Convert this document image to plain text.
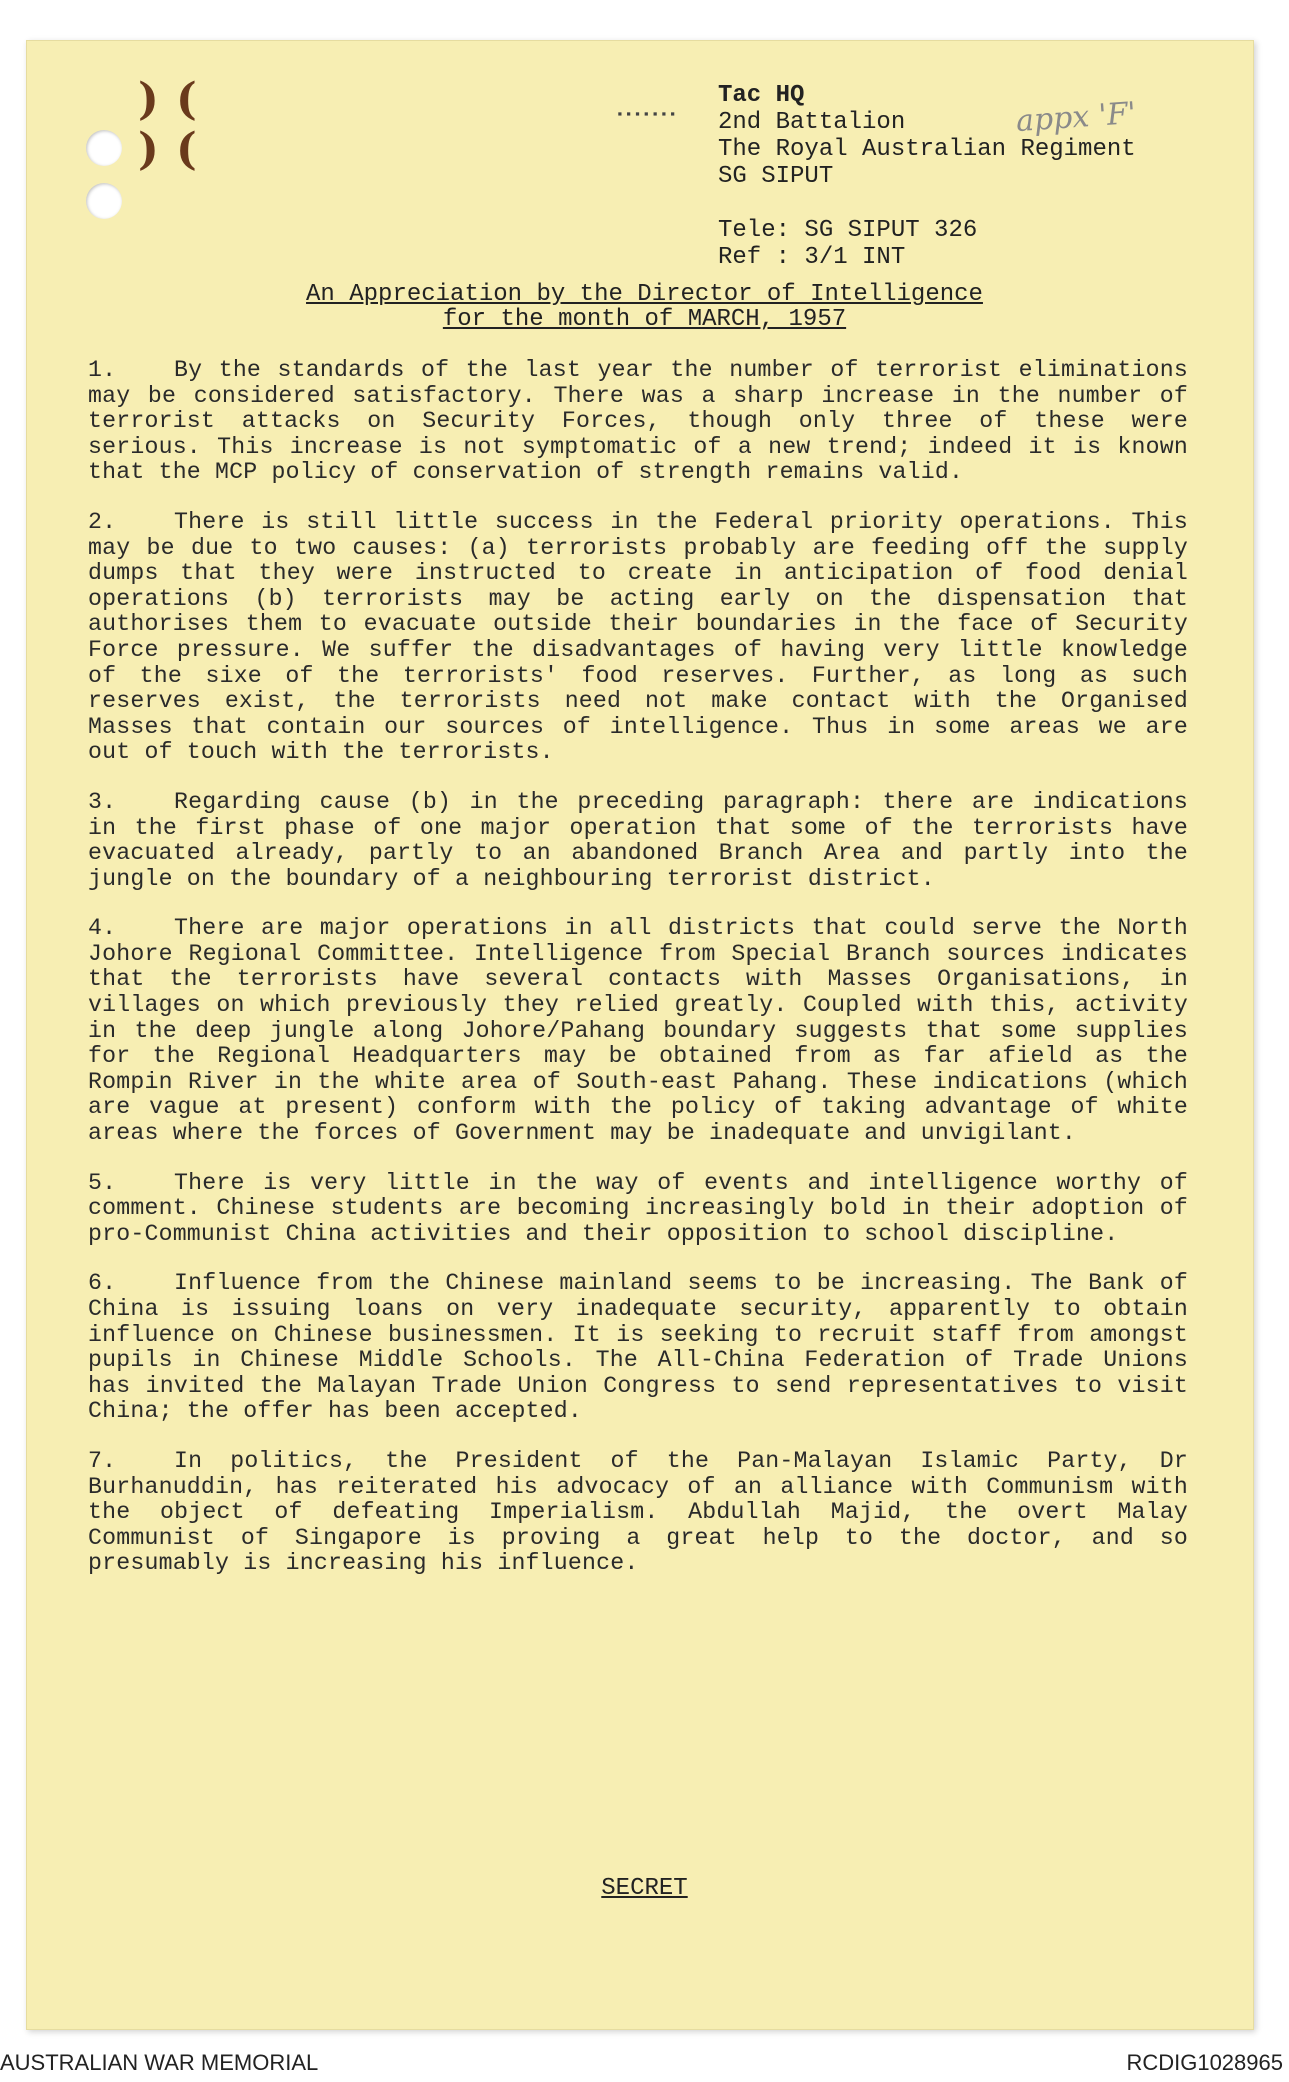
) (
) (
▪▪▪▪▪▪▪	appx 'F'
Tac HQ
2nd Battalion
The Royal Australian Regiment
SG SIPUT

Tele: SG SIPUT 326
Ref : 3/1 INT
An Appreciation by the Director of Intelligence
for the month of MARCH, 1957

1. By the standards of the last year the number of terrorist eliminations may be considered satisfactory. There was a sharp increase in the number of terrorist attacks on Security Forces, though only three of these were serious. This increase is not symptomatic of a new trend; indeed it is known that the MCP policy of conservation of strength remains valid.

2. There is still little success in the Federal priority operations. This may be due to two causes: (a) terrorists probably are feeding off the supply dumps that they were instructed to create in anticipation of food denial operations (b) terrorists may be acting early on the dispensation that authorises them to evacuate outside their boundaries in the face of Security Force pressure. We suffer the disadvantages of having very little knowledge of the sixe of the terrorists' food reserves. Further, as long as such reserves exist, the terrorists need not make contact with the Organised Masses that contain our sources of intelligence. Thus in some areas we are out of touch with the terrorists.

3. Regarding cause (b) in the preceding paragraph: there are indications in the first phase of one major operation that some of the terrorists have evacuated already, partly to an abandoned Branch Area and partly into the jungle on the boundary of a neighbouring terrorist district.

4. There are major operations in all districts that could serve the North Johore Regional Committee. Intelligence from Special Branch sources indicates that the terrorists have several contacts with Masses Organisations, in villages on which previously they relied greatly. Coupled with this, activity in the deep jungle along Johore/Pahang boundary suggests that some supplies for the Regional Headquarters may be obtained from as far afield as the Rompin River in the white area of South-east Pahang. These indications (which are vague at present) conform with the policy of taking advantage of white areas where the forces of Government may be inadequate and unvigilant.

5. There is very little in the way of events and intelligence worthy of comment. Chinese students are becoming increasingly bold in their adoption of pro-Communist China activities and their opposition to school discipline.

6. Influence from the Chinese mainland seems to be increasing. The Bank of China is issuing loans on very inadequate security, apparently to obtain influence on Chinese businessmen. It is seeking to recruit staff from amongst pupils in Chinese Middle Schools. The All-China Federation of Trade Unions has invited the Malayan Trade Union Congress to send representatives to visit China; the offer has been accepted.

7. In politics, the President of the Pan-Malayan Islamic Party, Dr Burhanuddin, has reiterated his advocacy of an alliance with Communism with the object of defeating Imperialism. Abdullah Majid, the overt Malay Communist of Singapore is proving a great help to the doctor, and so presumably is increasing his influence.

SECRET
AUSTRALIAN WAR MEMORIAL	RCDIG1028965
